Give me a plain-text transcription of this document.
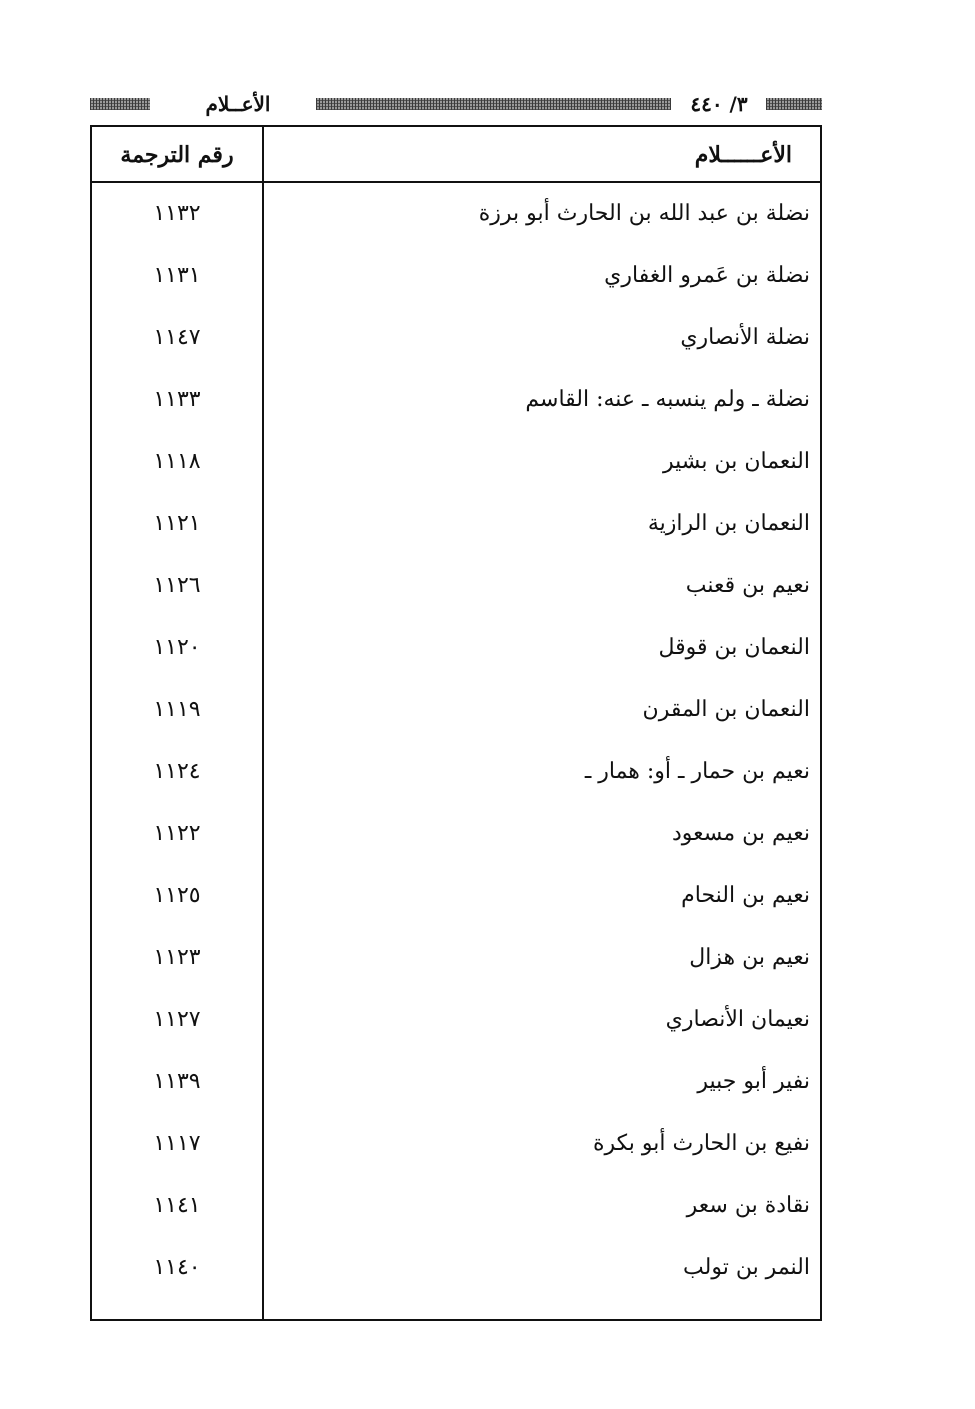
الأعــلام	٣/ ٤٤٠
رقم الترجمة	الأعــــــلام
١١٣٢	نضلة بن عبد الله بن الحارث أبو برزة
١١٣١	نضلة بن عَمرو الغفاري
١١٤٧	نضلة الأنصاري
١١٣٣	نضلة ـ ولم ينسبه ـ عنه: القاسم
١١١٨	النعمان بن بشير
١١٢١	النعمان بن الرازية
١١٢٦	نعيم بن قعنب
١١٢٠	النعمان بن قوقل
١١١٩	النعمان بن المقرن
١١٢٤	نعيم بن حمار ـ أو: همار ـ
١١٢٢	نعيم بن مسعود
١١٢٥	نعيم بن النحام
١١٢٣	نعيم بن هزال
١١٢٧	نعيمان الأنصاري
١١٣٩	نفير أبو جبير
١١١٧	نفيع بن الحارث أبو بكرة
١١٤١	نقادة بن سعر
١١٤٠	النمر بن تولب
